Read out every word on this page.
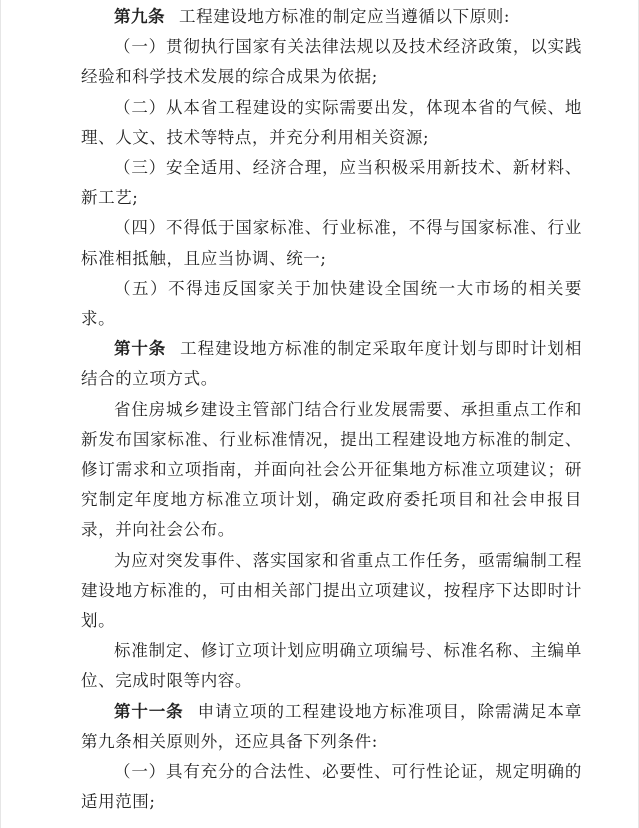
第九条 工程建设地方标准的制定应当遵循以下原则:

（一）贯彻执行国家有关法律法规以及技术经济政策，以实践经验和科学技术发展的综合成果为依据;

（二）从本省工程建设的实际需要出发，体现本省的气候、地理、人文、技术等特点，并充分利用相关资源;

（三）安全适用、经济合理，应当积极采用新技术、新材料、新工艺;

（四）不得低于国家标准、行业标准，不得与国家标准、行业标准相抵触，且应当协调、统一;

（五）不得违反国家关于加快建设全国统一大市场的相关要求。

第十条 工程建设地方标准的制定采取年度计划与即时计划相结合的立项方式。

省住房城乡建设主管部门结合行业发展需要、承担重点工作和新发布国家标准、行业标准情况，提出工程建设地方标准的制定、修订需求和立项指南，并面向社会公开征集地方标准立项建议；研究制定年度地方标准立项计划，确定政府委托项目和社会申报目录，并向社会公布。

为应对突发事件、落实国家和省重点工作任务，亟需编制工程建设地方标准的，可由相关部门提出立项建议，按程序下达即时计划。

标准制定、修订立项计划应明确立项编号、标准名称、主编单位、完成时限等内容。

第十一条 申请立项的工程建设地方标准项目，除需满足本章第九条相关原则外，还应具备下列条件:

（一）具有充分的合法性、必要性、可行性论证，规定明确的适用范围;
